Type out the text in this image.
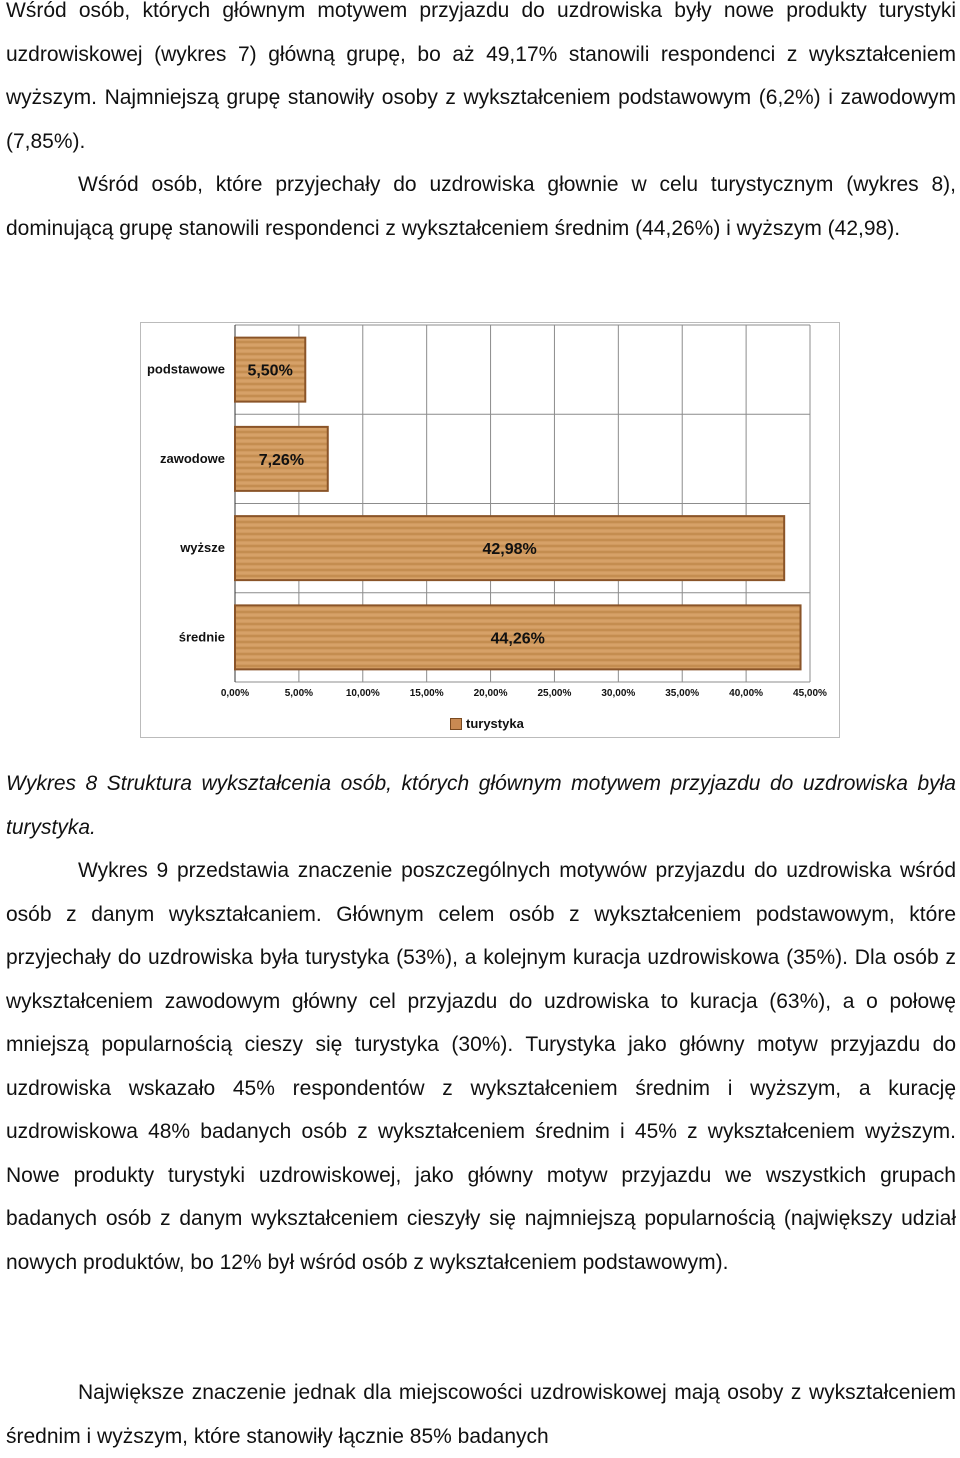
Wśród osób, których głównym motywem przyjazdu do uzdrowiska były nowe produkty turystyki uzdrowiskowej (wykres 7) główną grupę, bo aż 49,17% stanowili respondenci z wykształceniem wyższym. Najmniejszą grupę stanowiły osoby z wykształceniem podstawowym (6,2%) i zawodowym (7,85%).

Wśród osób, które przyjechały do uzdrowiska głownie w celu turystycznym (wykres 8), dominującą grupę stanowili respondenci z wykształceniem średnim (44,26%) i wyższym (42,98).

0,00%	5,00%	10,00%	15,00%	20,00%	25,00%	30,00%	35,00%	40,00%	45,00%
podstawowe 5,50%
zawodowe 7,26%
wyższe	42,98%
średnie	44,26%
turystyka

Wykres 8 Struktura wykształcenia osób, których głównym motywem przyjazdu do uzdrowiska była turystyka.

Wykres 9 przedstawia znaczenie poszczególnych motywów przyjazdu do uzdrowiska wśród osób z danym wykształcaniem. Głównym celem osób z wykształceniem podstawowym, które przyjechały do uzdrowiska była turystyka (53%), a kolejnym kuracja uzdrowiskowa (35%). Dla osób z wykształceniem zawodowym główny cel przyjazdu do uzdrowiska to kuracja (63%), a o połowę mniejszą popularnością cieszy się turystyka (30%). Turystyka jako główny motyw przyjazdu do uzdrowiska wskazało 45% respondentów z wykształceniem średnim i wyższym, a kurację uzdrowiskowa 48% badanych osób z wykształceniem średnim i 45% z wykształceniem wyższym. Nowe produkty turystyki uzdrowiskowej, jako główny motyw przyjazdu we wszystkich grupach badanych osób z danym wykształceniem cieszyły się najmniejszą popularnością (największy udział nowych produktów, bo 12% był wśród osób z wykształceniem podstawowym).

Największe znaczenie jednak dla miejscowości uzdrowiskowej mają osoby z wykształceniem średnim i wyższym, które stanowiły łącznie 85% badanych
